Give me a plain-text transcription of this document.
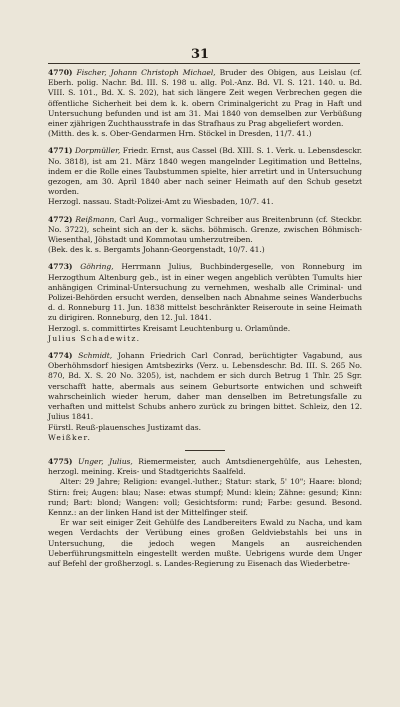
31

4770) Fischer, Johann Christoph Michael, Bruder des Obigen, aus Leislau (cf. Eberh. polig. Nachr. Bd. III. S. 198 u. allg. Pol.-Anz. Bd. VI. S. 121. 140. u. Bd. VIII. S. 101., Bd. X. S. 202), hat sich längere Zeit wegen Verbrechen gegen die öffentliche Sicherheit bei dem k. k. obern Criminalgericht zu Prag in Haft und Untersuchung befunden und ist am 31. Mai 1840 von demselben zur Verbüßung einer zjährigen Zuchthausstrafe in das Strafhaus zu Prag abgeliefert worden.

(Mitth. des k. s. Ober-Gendarmen Hrn. Stöckel in Dresden, 11/7. 41.)

4771) Dorpmüller, Friedr. Ernst, aus Cassel (Bd. XIII. S. 1. Verk. u. Lebensdesckr. No. 3818), ist am 21. März 1840 wegen mangelnder Legitimation und Bettelns, indem er die Rolle eines Taubstummen spielte, hier arretirt und in Untersuchung gezogen, am 30. April 1840 aber nach seiner Heimath auf den Schub gesetzt worden.

Herzogl. nassau. Stadt-Polizei-Amt zu Wiesbaden, 10/7. 41.

4772) Reißmann, Carl Aug., vormaliger Schreiber aus Breitenbrunn (cf. Steckbr. No. 3722), scheint sich an der k. sächs. böhmisch. Grenze, zwischen Böhmisch-Wiesenthal, Jöhstadt und Kommotau umherzutreiben.

(Bek. des k. s. Bergamts Johann-Georgenstadt, 10/7. 41.)

4773) Göhring, Herrmann Julius, Buchbindergeselle, von Ronneburg im Herzogthum Altenburg geb., ist in einer wegen angeblich verübten Tumults hier anhängigen Criminal-Untersuchung zu vernehmen, weshalb alle Criminal- und Polizei-Behörden ersucht werden, denselben nach Abnahme seines Wanderbuchs d. d. Ronneburg 11. Jun. 1838 mittelst beschränkter Reiseroute in seine Heimath zu dirigiren. Ronneburg, den 12. Jul. 1841.

Herzogl. s. committirtes Kreisamt Leuchtenburg u. Orlamünde.

Julius Schadewitz.

4774) Schmidt, Johann Friedrich Carl Conrad, berüchtigter Vagabund, aus Oberhöhmsdorf hiesigen Amtsbezirks (Verz. u. Lebensdeschr. Bd. III. S. 265 No. 870, Bd. X. S. 20 No. 3205), ist, nachdem er sich durch Betrug 1 Thlr. 25 Sgr. verschafft hatte, abermals aus seinem Geburtsorte entwichen und schweift wahrscheinlich wieder herum, daher man denselben im Betretungsfalle zu verhaften und mittelst Schubs anhero zurück zu bringen bittet. Schleiz, den 12. Julius 1841.

Fürstl. Reuß-plauensches Justizamt das.

Weißker.

4775) Unger, Julius, Riemermeister, auch Amtsdienergehülfe, aus Lehesten, herzogl. meining. Kreis- und Stadtgerichts Saalfeld.

Alter: 29 Jahre; Religion: evangel.-luther.; Statur: stark, 5' 10"; Haare: blond; Stirn: frei; Augen: blau; Nase: etwas stumpf; Mund: klein; Zähne: gesund; Kinn: rund; Bart: blond; Wangen: voll; Gesichtsform: rund; Farbe: gesund. Besond. Kennz.: an der linken Hand ist der Mittelfinger steif.

Er war seit einiger Zeit Gehülfe des Landbereiters Ewald zu Nacha, und kam wegen Verdachts der Verübung eines großen Geldviebstahls bei uns in Untersuchung, die jedoch wegen Mangels an ausreichenden Ueberführungsmitteln eingestellt werden mußte. Uebrigens wurde dem Unger auf Befehl der großherzogl. s. Landes-Regierung zu Eisenach das Wiederbetre-
